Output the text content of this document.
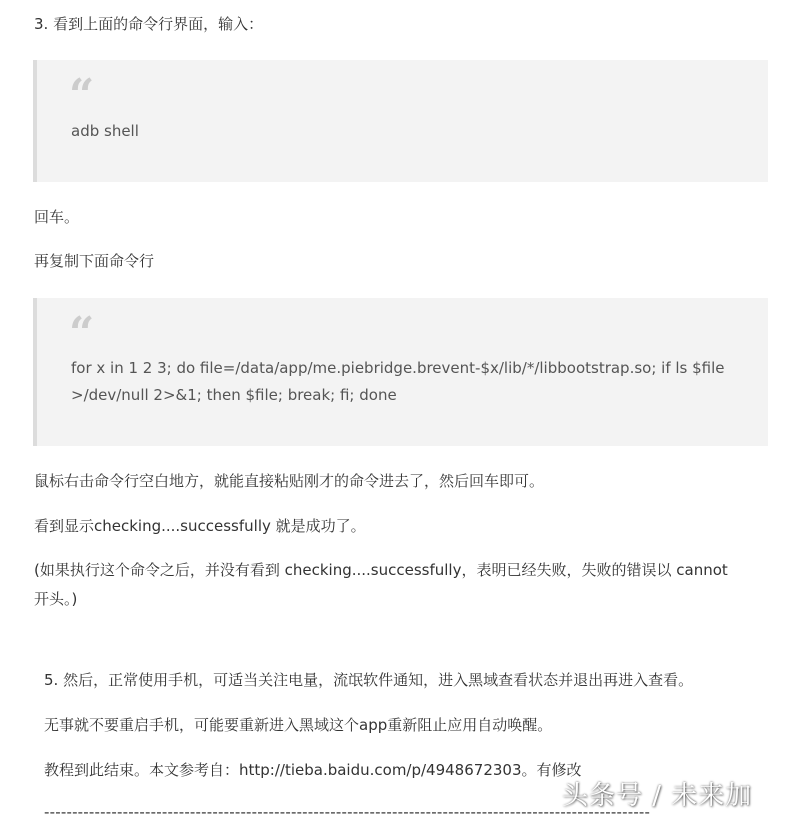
3. 看到上面的命令行界面，输入：
“
adb shell
回车。
再复制下面命令行
“
for x in 1 2 3; do file=/data/app/me.piebridge.brevent-$x/lib/*/libbootstrap.so; if ls $file
>/dev/null 2>&1; then $file; break; fi; done
鼠标右击命令行空白地方，就能直接粘贴刚才的命令进去了，然后回车即可。
看到显示checking....successfully 就是成功了。
(如果执行这个命令之后，并没有看到 checking....successfully，表明已经失败，失败的错误以 cannot
开头。)
5. 然后，正常使用手机，可适当关注电量，流氓软件通知，进入黑域查看状态并退出再进入查看。
无事就不要重启手机，可能要重新进入黑域这个app重新阻止应用自动唤醒。
教程到此结束。本文参考自：http://tieba.baidu.com/p/4948672303。有修改
------------------------------------------------------------------------------------------------------------
头条号 / 未来加
